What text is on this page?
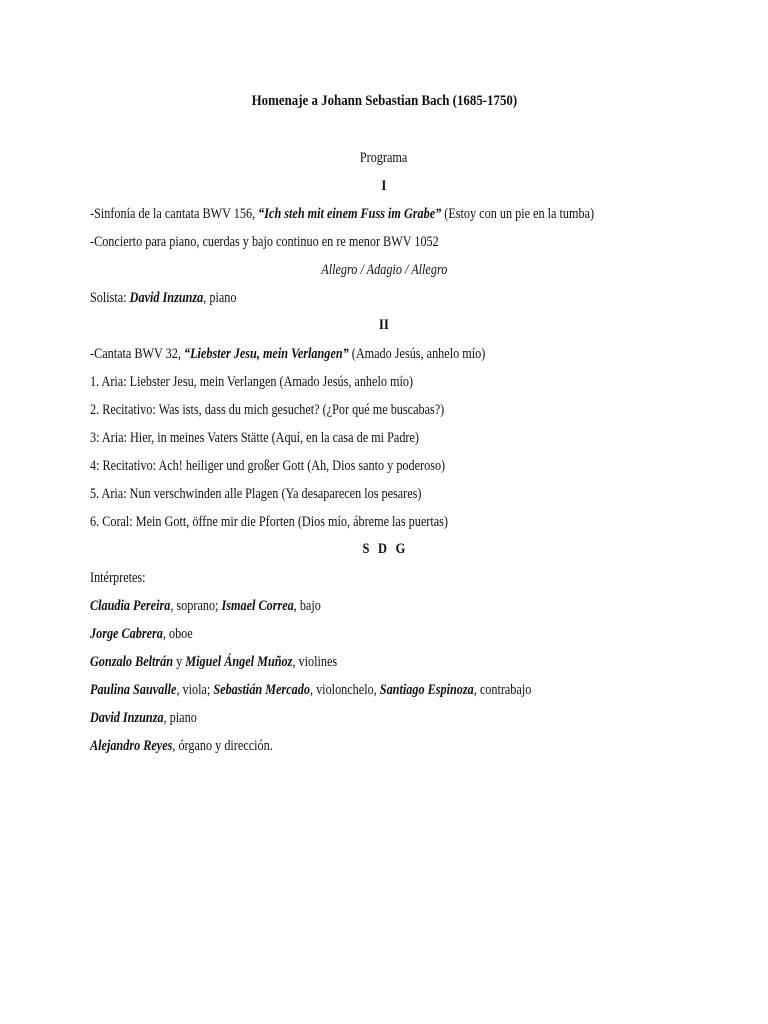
Homenaje a Johann Sebastian Bach (1685-1750)
Programa
I
-Sinfonía de la cantata BWV 156, “Ich steh mit einem Fuss im Grabe” (Estoy con un pie en la tumba)
-Concierto para piano, cuerdas y bajo continuo en re menor BWV 1052
Allegro / Adagio / Allegro
Solista: David Inzunza, piano
II
-Cantata BWV 32, “Liebster Jesu, mein Verlangen” (Amado Jesús, anhelo mío)
1. Aria: Liebster Jesu, mein Verlangen (Amado Jesús, anhelo mío)
2. Recitativo: Was ists, dass du mich gesuchet? (¿Por qué me buscabas?)
3: Aria: Hier, in meines Vaters Stätte (Aquí, en la casa de mi Padre)
4: Recitativo: Ach! heiliger und großer Gott (Ah, Dios santo y poderoso)
5. Aria: Nun verschwinden alle Plagen (Ya desaparecen los pesares)
6. Coral: Mein Gott, öffne mir die Pforten (Dios mío, ábreme las puertas)
S D G
Intérpretes:
Claudia Pereira, soprano; Ismael Correa, bajo
Jorge Cabrera, oboe
Gonzalo Beltrán y Miguel Ángel Muñoz, violines
Paulina Sauvalle, viola; Sebastián Mercado, violonchelo, Santiago Espinoza, contrabajo
David Inzunza, piano
Alejandro Reyes, órgano y dirección.
